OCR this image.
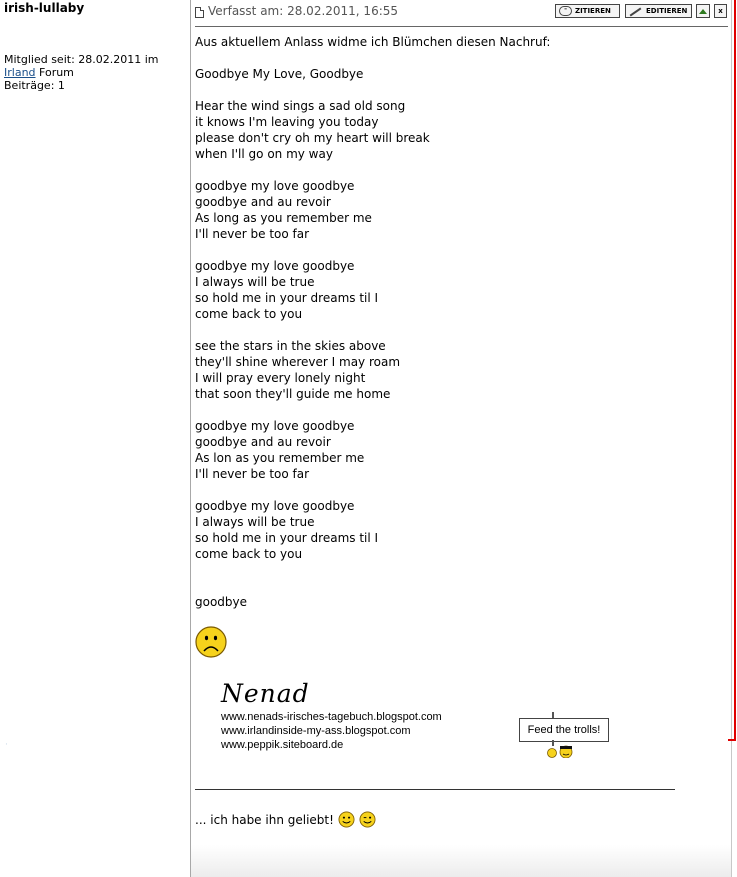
irish-lullaby
Mitglied seit: 28.02.2011 im
Irland Forum
Beiträge: 1
·
Verfasst am: 28.02.2011, 16:55	"	ZITIEREN	EDITIEREN	x

Aus aktuellem Anlass widme ich Blümchen diesen Nachruf:

Goodbye My Love, Goodbye

Hear the wind sings a sad old song

it knows I'm leaving you today

please don't cry oh my heart will break

when I'll go on my way

goodbye my love goodbye

goodbye and au revoir

As long as you remember me

I'll never be too far

goodbye my love goodbye

I always will be true

so hold me in your dreams til I

come back to you

see the stars in the skies above

they'll shine wherever I may roam

I will pray every lonely night

that soon they'll guide me home

goodbye my love goodbye

goodbye and au revoir

As lon as you remember me

I'll never be too far

goodbye my love goodbye

I always will be true

so hold me in your dreams til I

come back to you

goodbye

Nenad
www.nenads-irisches-tagebuch.blogspot.com
www.irlandinside-my-ass.blogspot.com
www.peppik.siteboard.de
Feed the trolls!
... ich habe ihn geliebt!
